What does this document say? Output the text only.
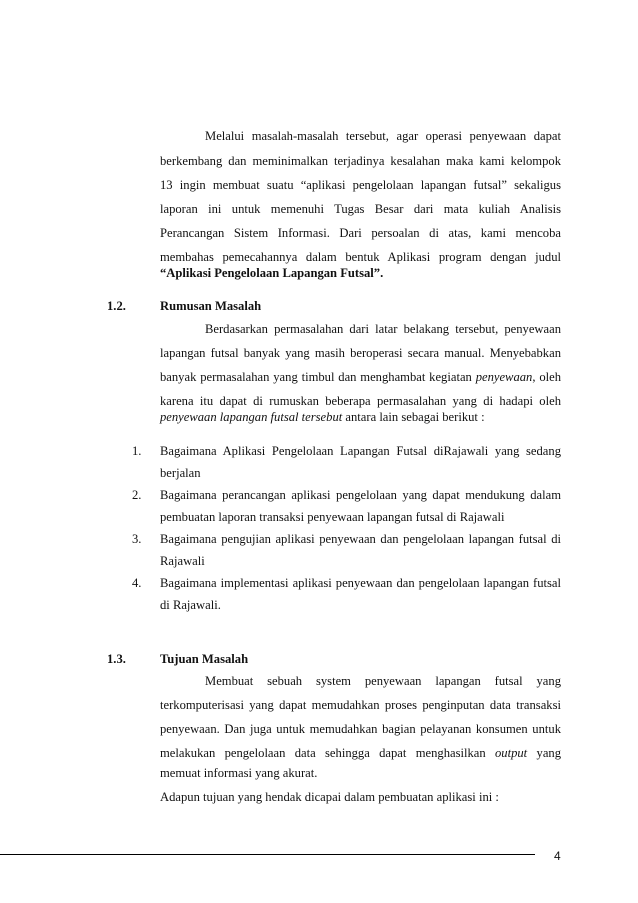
Melalui masalah-masalah tersebut, agar operasi penyewaan dapat
berkembang dan meminimalkan terjadinya kesalahan maka kami kelompok
13 ingin membuat suatu “aplikasi pengelolaan lapangan futsal” sekaligus
laporan ini untuk memenuhi Tugas Besar dari mata kuliah Analisis
Perancangan Sistem Informasi. Dari persoalan di atas, kami mencoba
membahas pemecahannya dalam bentuk Aplikasi program dengan judul
“Aplikasi Pengelolaan Lapangan Futsal”.
1.2.	Rumusan Masalah
Berdasarkan permasalahan dari latar belakang tersebut, penyewaan
lapangan futsal banyak yang masih beroperasi secara manual. Menyebabkan
banyak permasalahan yang timbul dan menghambat kegiatan penyewaan, oleh
karena itu dapat di rumuskan beberapa permasalahan yang di hadapi oleh
penyewaan lapangan futsal tersebut antara lain sebagai berikut :
1. Bagaimana Aplikasi Pengelolaan Lapangan Futsal diRajawali yang sedang
berjalan
2. Bagaimana perancangan aplikasi pengelolaan yang dapat mendukung dalam
pembuatan laporan transaksi penyewaan lapangan futsal di Rajawali
3. Bagaimana pengujian aplikasi penyewaan dan pengelolaan lapangan futsal di
Rajawali
4. Bagaimana implementasi aplikasi penyewaan dan pengelolaan lapangan futsal
di Rajawali.
1.3.	Tujuan Masalah
Membuat sebuah system penyewaan lapangan futsal yang
terkomputerisasi yang dapat memudahkan proses penginputan data transaksi
penyewaan. Dan juga untuk memudahkan bagian pelayanan konsumen untuk
melakukan pengelolaan data sehingga dapat menghasilkan output yang
memuat informasi yang akurat.
Adapun tujuan yang hendak dicapai dalam pembuatan aplikasi ini :
4
